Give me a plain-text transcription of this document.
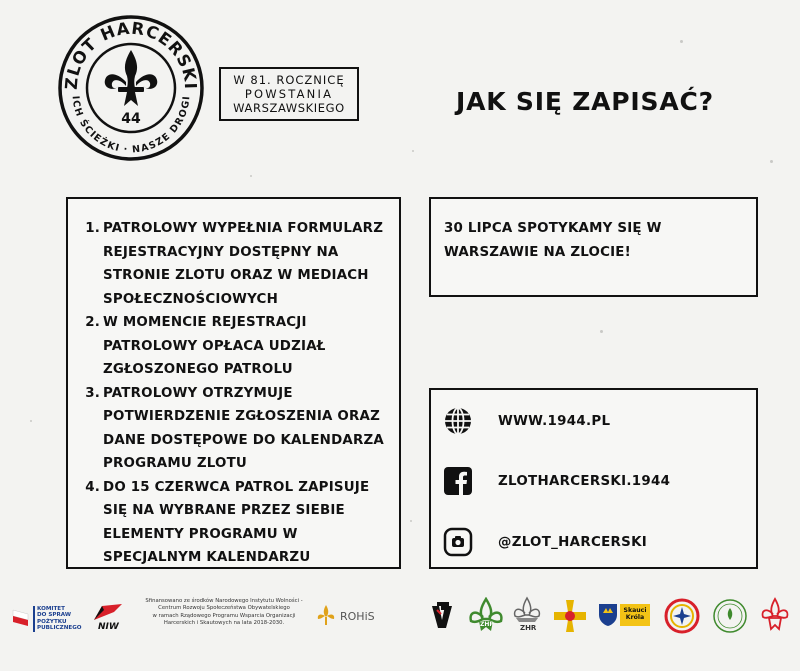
ZLOT HARCERSKI
ICH ŚCIEŻKI · NASZE DROGI
44
W 81. ROCZNICĘ
POWSTANIA
WARSZAWSKIEGO	JAK SIĘ ZAPISAĆ?
1. PATROLOWY WYPEŁNIA FORMULARZ REJESTRACYJNY DOSTĘPNY NA STRONIE ZLOTU ORAZ W MEDIACH SPOŁECZNOŚCIOWYCH
2. W MOMENCIE REJESTRACJI PATROLOWY OPŁACA UDZIAŁ ZGŁOSZONEGO PATROLU
3. PATROLOWY OTRZYMUJE POTWIERDZENIE ZGŁOSZENIA ORAZ DANE DOSTĘPOWE DO KALENDARZA PROGRAMU ZLOTU
4. DO 15 CZERWCA PATROL ZAPISUJE SIĘ NA WYBRANE PRZEZ SIEBIE ELEMENTY PROGRAMU W SPECJALNYM KALENDARZU
30 LIPCA SPOTYKAMY SIĘ W WARSZAWIE NA ZLOCIE!
WWW.1944.PL
ZLOTHARCERSKI.1944
@ZLOT_HARCERSKI
KOMITET
DO SPRAW
POŻYTKU
PUBLICZNEGO NIW
Sfinansowano ze środków Narodowego Instytutu Wolności -
Centrum Rozwoju Społeczeństwa Obywatelskiego
w ramach Rządowego Programu Wsparcia Organizacji
Harcerskich i Skautowych na lata 2018-2030.
ROHiS
ZHP	ZHR
Skauci Króla
